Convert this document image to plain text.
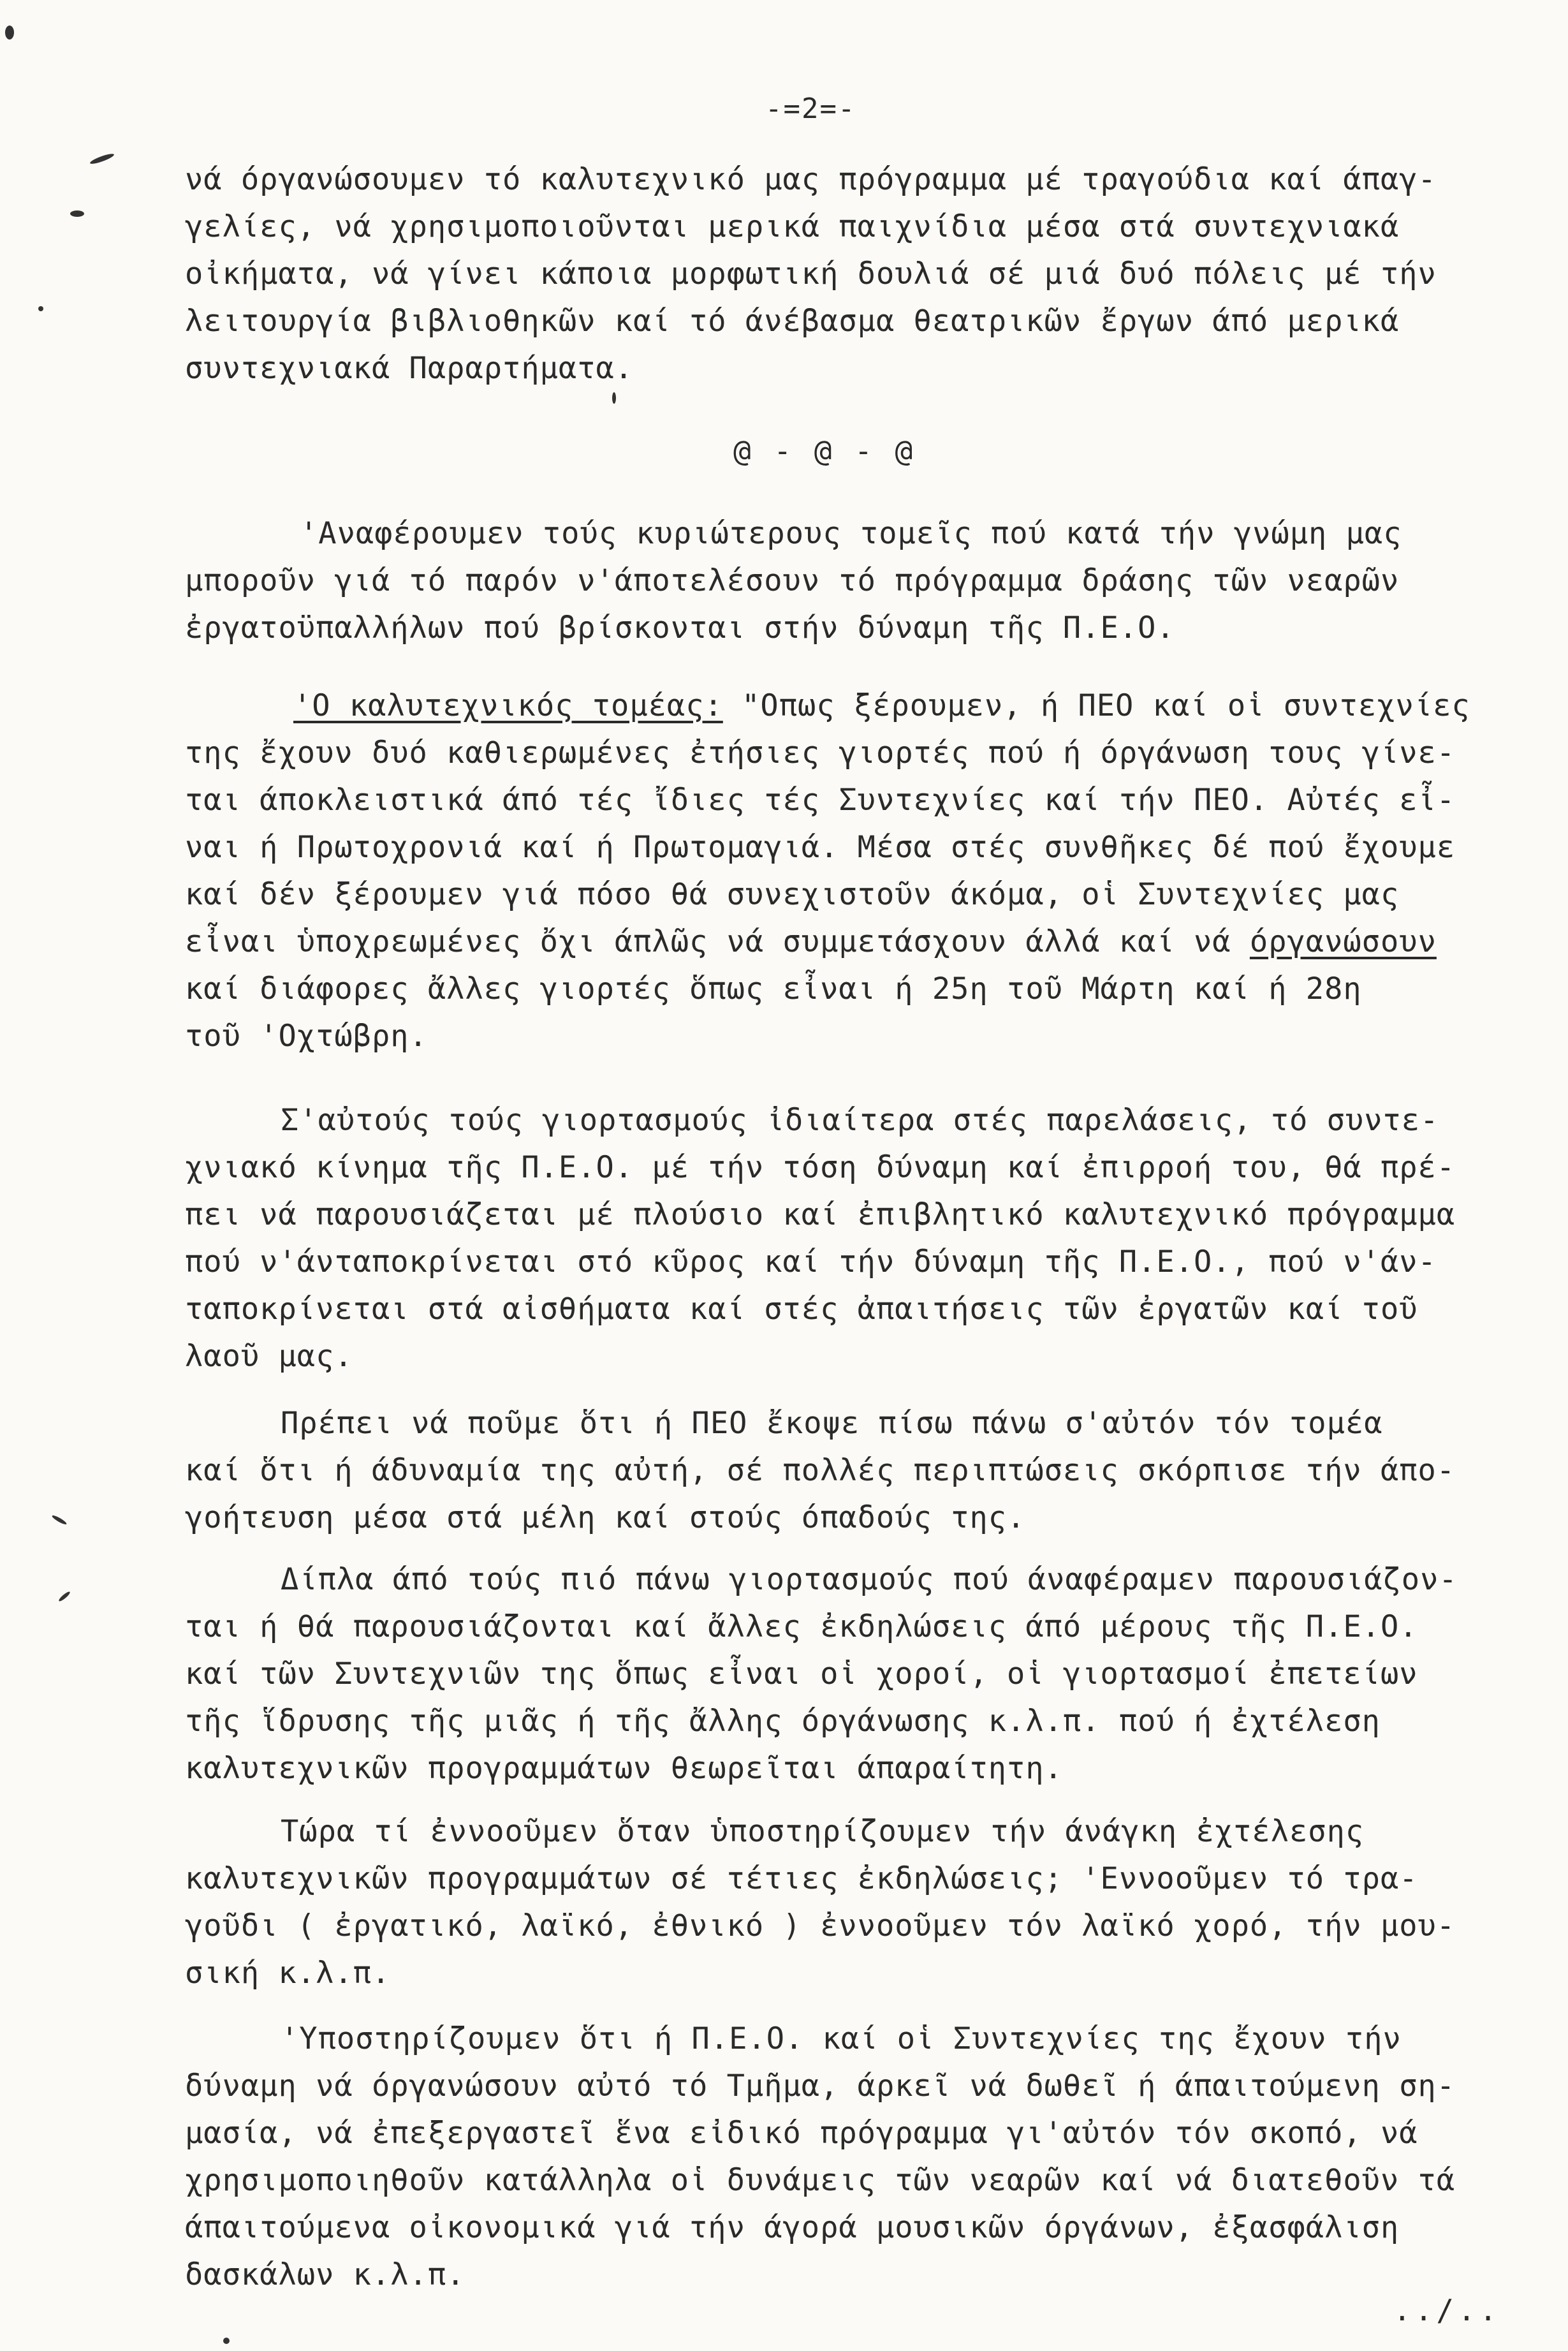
-=2=-
νά όργανώσουμεν τό καλυτεχνικό μας πρόγραμμα μέ τραγούδια καί άπαγ-
γελίες, νά χρησιμοποιοῦνται μερικά παιχνίδια μέσα στά συντεχνιακά
οἰκήματα, νά γίνει κάποια μορφωτική δουλιά σέ μιά δυό πόλεις μέ τήν
λειτουργία βιβλιοθηκῶν καί τό άνέβασμα θεατρικῶν ἔργων άπό μερικά
συντεχνιακά Παραρτήματα.
@ - @ - @
'Αναφέρουμεν τούς κυριώτερους τομεῖς πού κατά τήν γνώμη μας
μποροῦν γιά τό παρόν ν'άποτελέσουν τό πρόγραμμα δράσης τῶν νεαρῶν
ἐργατοϋπαλλήλων πού βρίσκονται στήν δύναμη τῆς Π.Ε.Ο.
'Ο καλυτεχνικός τομέας: "Οπως ξέρουμεν, ή ΠΕΟ καί οἱ συντεχνίες
της ἔχουν δυό καθιερωμένες ἐτήσιες γιορτές πού ή όργάνωση τους γίνε-
ται άποκλειστικά άπό τές ἴδιες τές Συντεχνίες καί τήν ΠΕΟ. Αὐτές εἶ-
ναι ή Πρωτοχρονιά καί ή Πρωτομαγιά. Μέσα στές συνθῆκες δέ πού ἔχουμε
καί δέν ξέρουμεν γιά πόσο θά συνεχιστοῦν άκόμα, οἱ Συντεχνίες μας
εἶναι ὑποχρεωμένες ὄχι άπλῶς νά συμμετάσχουν άλλά καί νά όργανώσουν
καί διάφορες ἄλλες γιορτές ὅπως εἶναι ή 25η τοῦ Μάρτη καί ή 28η
τοῦ 'Οχτώβρη.
Σ'αὐτούς τούς γιορτασμούς ἰδιαίτερα στές παρελάσεις, τό συντε-
χνιακό κίνημα τῆς Π.Ε.Ο. μέ τήν τόση δύναμη καί ἐπιρροή του, θά πρέ-
πει νά παρουσιάζεται μέ πλούσιο καί ἐπιβλητικό καλυτεχνικό πρόγραμμα
πού ν'άνταποκρίνεται στό κῦρος καί τήν δύναμη τῆς Π.Ε.Ο., πού ν'άν-
ταποκρίνεται στά αἰσθήματα καί στές ἀπαιτήσεις τῶν ἐργατῶν καί τοῦ
λαοῦ μας.
Πρέπει νά ποῦμε ὅτι ή ΠΕΟ ἔκοψε πίσω πάνω σ'αὐτόν τόν τομέα
καί ὅτι ή άδυναμία της αὐτή, σέ πολλές περιπτώσεις σκόρπισε τήν άπο-
γοήτευση μέσα στά μέλη καί στούς όπαδούς της.
Δίπλα άπό τούς πιό πάνω γιορτασμούς πού άναφέραμεν παρουσιάζον-
ται ή θά παρουσιάζονται καί ἄλλες ἐκδηλώσεις άπό μέρους τῆς Π.Ε.Ο.
καί τῶν Συντεχνιῶν της ὅπως εἶναι οἱ χοροί, οἱ γιορτασμοί ἐπετείων
τῆς ἵδρυσης τῆς μιᾶς ή τῆς ἄλλης όργάνωσης κ.λ.π. πού ή ἐχτέλεση
καλυτεχνικῶν προγραμμάτων θεωρεῖται άπαραίτητη.
Τώρα τί ἐννοοῦμεν ὅταν ὑποστηρίζουμεν τήν άνάγκη ἐχτέλεσης
καλυτεχνικῶν προγραμμάτων σέ τέτιες ἐκδηλώσεις; 'Εννοοῦμεν τό τρα-
γοῦδι ( ἐργατικό, λαϊκό, ἐθνικό ) ἐννοοῦμεν τόν λαϊκό χορό, τήν μου-
σική κ.λ.π.
'Υποστηρίζουμεν ὅτι ή Π.Ε.Ο. καί οἱ Συντεχνίες της ἔχουν τήν
δύναμη νά όργανώσουν αὐτό τό Τμῆμα, άρκεῖ νά δωθεῖ ή άπαιτούμενη ση-
μασία, νά ἐπεξεργαστεῖ ἕνα εἰδικό πρόγραμμα γι'αὐτόν τόν σκοπό, νά
χρησιμοποιηθοῦν κατάλληλα οἱ δυνάμεις τῶν νεαρῶν καί νά διατεθοῦν τά
άπαιτούμενα οἰκονομικά γιά τήν άγορά μουσικῶν όργάνων, ἐξασφάλιση
δασκάλων κ.λ.π.
../..
